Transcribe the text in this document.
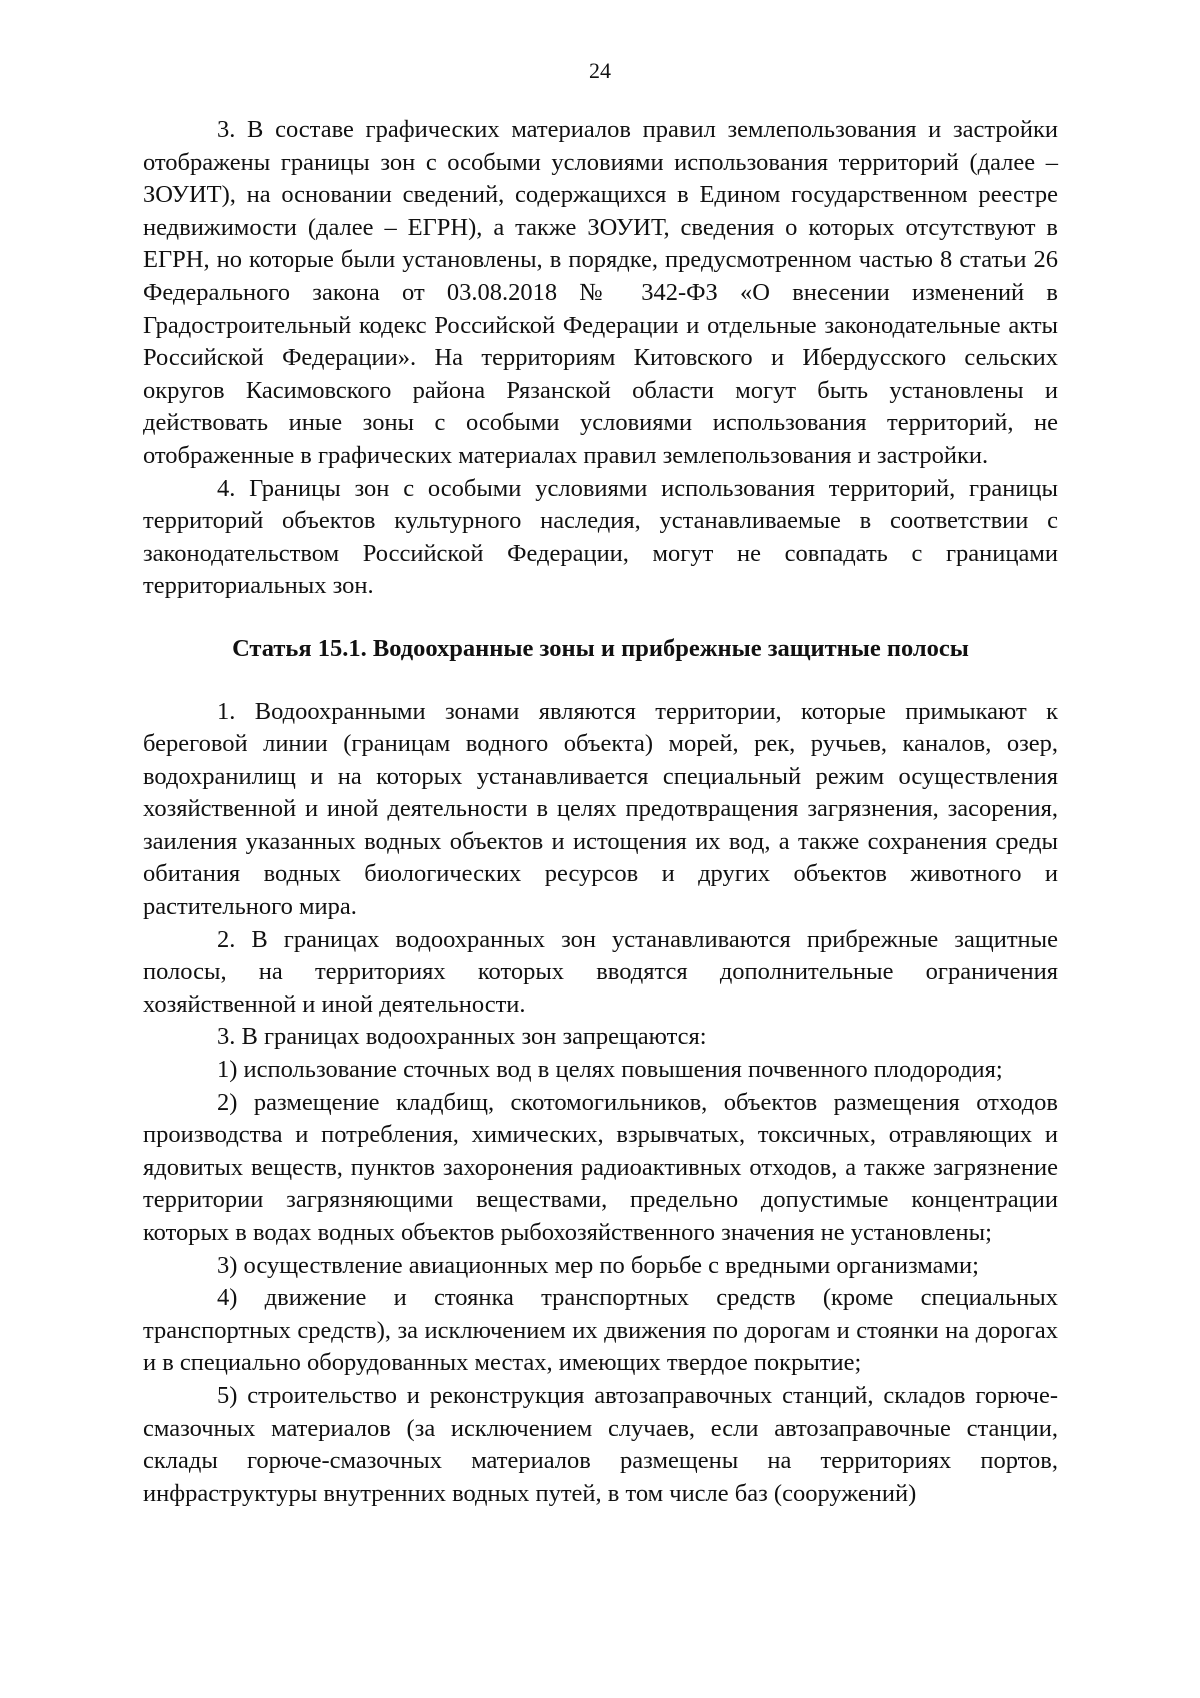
24

3. В составе графических материалов правил землепользования и застройки отображены границы зон с особыми условиями использования территорий (далее – ЗОУИТ), на основании сведений, содержащихся в Едином государственном реестре недвижимости (далее – ЕГРН), а также ЗОУИТ, сведения о которых отсутствуют в ЕГРН, но которые были установлены, в порядке, предусмотренном частью 8 статьи 26 Федерального закона от 03.08.2018 № 342-ФЗ «О внесении изменений в Градостроительный кодекс Российской Федерации и отдельные законодательные акты Российской Федерации». На территориям Китовского и Ибердусского сельских округов Касимовского района Рязанской области могут быть установлены и действовать иные зоны с особыми условиями использования территорий, не отображенные в графических материалах правил землепользования и застройки.

4. Границы зон с особыми условиями использования территорий, границы территорий объектов культурного наследия, устанавливаемые в соответствии с законодательством Российской Федерации, могут не совпадать с границами территориальных зон.

Статья 15.1. Водоохранные зоны и прибрежные защитные полосы

1. Водоохранными зонами являются территории, которые примыкают к береговой линии (границам водного объекта) морей, рек, ручьев, каналов, озер, водохранилищ и на которых устанавливается специальный режим осуществления хозяйственной и иной деятельности в целях предотвращения загрязнения, засорения, заиления указанных водных объектов и истощения их вод, а также сохранения среды обитания водных биологических ресурсов и других объектов животного и растительного мира.

2. В границах водоохранных зон устанавливаются прибрежные защитные полосы, на территориях которых вводятся дополнительные ограничения хозяйственной и иной деятельности.

3. В границах водоохранных зон запрещаются:

1) использование сточных вод в целях повышения почвенного плодородия;

2) размещение кладбищ, скотомогильников, объектов размещения отходов производства и потребления, химических, взрывчатых, токсичных, отравляющих и ядовитых веществ, пунктов захоронения радиоактивных отходов, а также загрязнение территории загрязняющими веществами, предельно допустимые концентрации которых в водах водных объектов рыбохозяйственного значения не установлены;

3) осуществление авиационных мер по борьбе с вредными организмами;

4) движение и стоянка транспортных средств (кроме специальных транспортных средств), за исключением их движения по дорогам и стоянки на дорогах и в специально оборудованных местах, имеющих твердое покрытие;

5) строительство и реконструкция автозаправочных станций, складов горюче-смазочных материалов (за исключением случаев, если автозаправочные станции, склады горюче-смазочных материалов размещены на территориях портов, инфраструктуры внутренних водных путей, в том числе баз (сооружений)
